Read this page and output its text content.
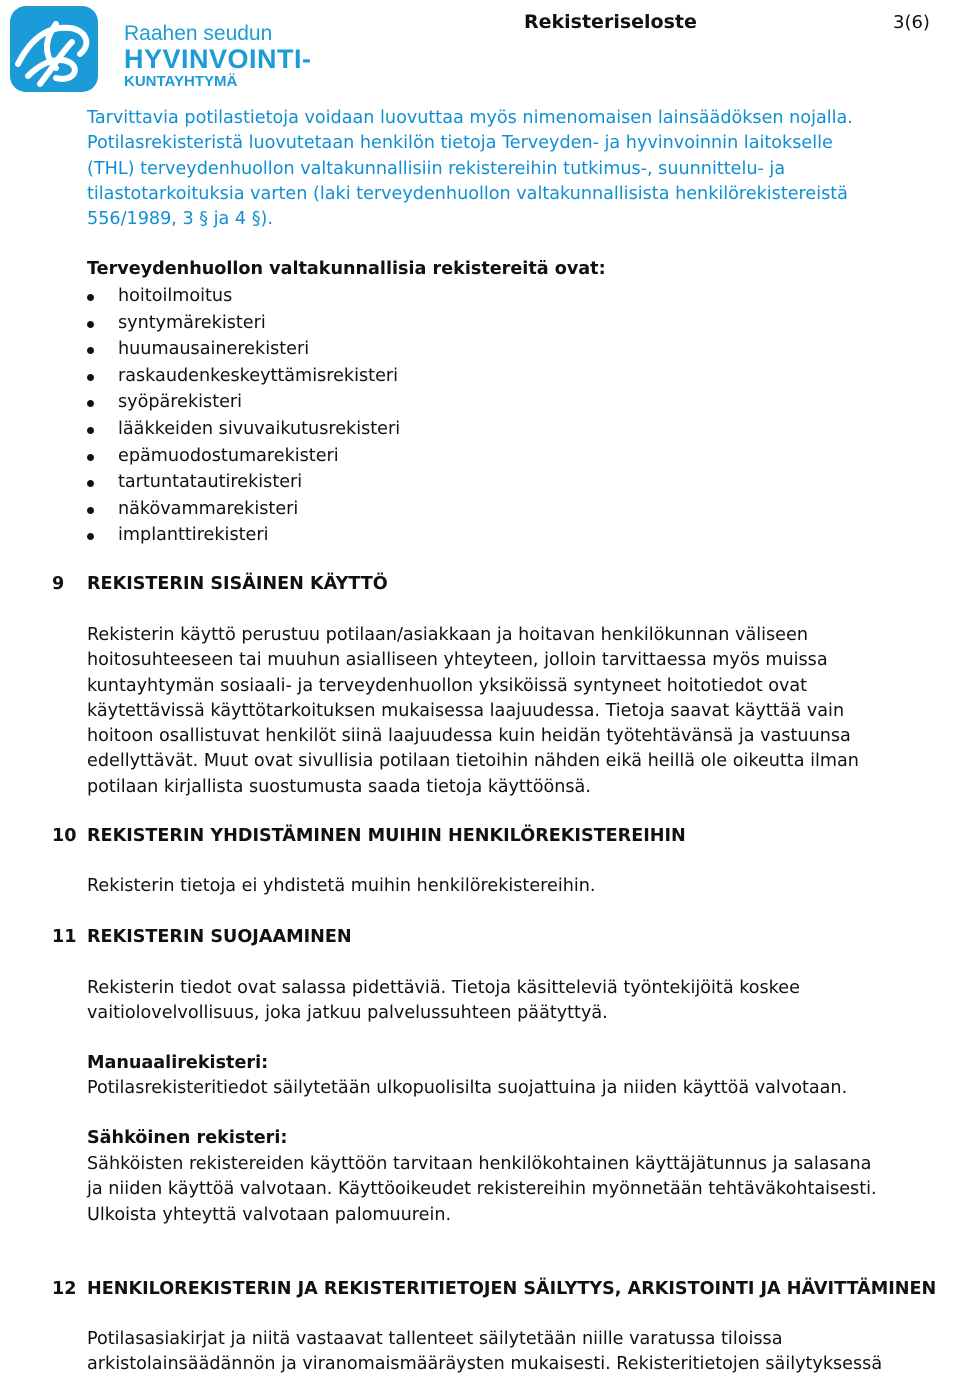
Raahen seudun
HYVINVOINTI-
KUNTAYHTYMÄ
Rekisteriseloste	3(6)

Tarvittavia potilastietoja voidaan luovuttaa myös nimenomaisen lainsäädöksen nojalla.
Potilasrekisteristä luovutetaan henkilön tietoja Terveyden- ja hyvinvoinnin laitokselle
(THL) terveydenhuollon valtakunnallisiin rekistereihin tutkimus-, suunnittelu- ja
tilastotarkoituksia varten (laki terveydenhuollon valtakunnallisista henkilörekistereistä
556/1989, 3 § ja 4 §).

Terveydenhuollon valtakunnallisia rekistereitä ovat:
hoitoilmoitus
syntymärekisteri
huumausainerekisteri
raskaudenkeskeyttämisrekisteri
syöpärekisteri
lääkkeiden sivuvaikutusrekisteri
epämuodostumarekisteri
tartuntatautirekisteri
näkövammarekisteri
implanttirekisteri
9 REKISTERIN SISÄINEN KÄYTTÖ

Rekisterin käyttö perustuu potilaan/asiakkaan ja hoitavan henkilökunnan väliseen
hoitosuhteeseen tai muuhun asialliseen yhteyteen, jolloin tarvittaessa myös muissa
kuntayhtymän sosiaali- ja terveydenhuollon yksiköissä syntyneet hoitotiedot ovat
käytettävissä käyttötarkoituksen mukaisessa laajuudessa. Tietoja saavat käyttää vain
hoitoon osallistuvat henkilöt siinä laajuudessa kuin heidän työtehtävänsä ja vastuunsa
edellyttävät. Muut ovat sivullisia potilaan tietoihin nähden eikä heillä ole oikeutta ilman
potilaan kirjallista suostumusta saada tietoja käyttöönsä.

10 REKISTERIN YHDISTÄMINEN MUIHIN HENKILÖREKISTEREIHIN

Rekisterin tietoja ei yhdistetä muihin henkilörekistereihin.

11 REKISTERIN SUOJAAMINEN

Rekisterin tiedot ovat salassa pidettäviä. Tietoja käsitteleviä työntekijöitä koskee
vaitiolovelvollisuus, joka jatkuu palvelussuhteen päätyttyä.

Manuaalirekisteri:

Potilasrekisteritiedot säilytetään ulkopuolisilta suojattuina ja niiden käyttöä valvotaan.

Sähköinen rekisteri:

Sähköisten rekistereiden käyttöön tarvitaan henkilökohtainen käyttäjätunnus ja salasana
ja niiden käyttöä valvotaan. Käyttöoikeudet rekistereihin myönnetään tehtäväkohtaisesti.
Ulkoista yhteyttä valvotaan palomuurein.

12 HENKILOREKISTERIN JA REKISTERITIETOJEN SÄILYTYS, ARKISTOINTI JA HÄVITTÄMINEN

Potilasasiakirjat ja niitä vastaavat tallenteet säilytetään niille varatussa tiloissa
arkistolainsäädännön ja viranomaismääräysten mukaisesti. Rekisteritietojen säilytyksessä
